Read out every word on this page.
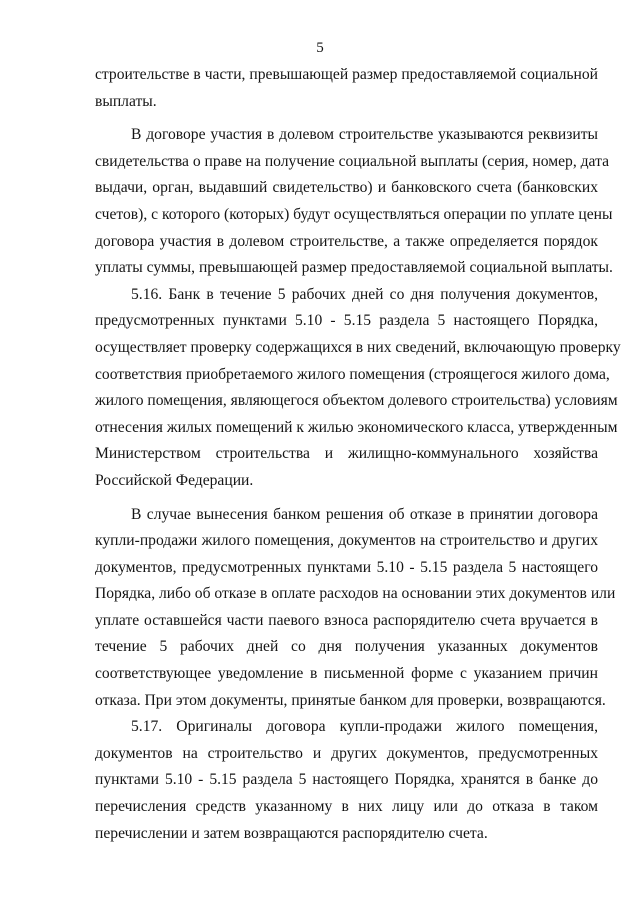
5

строительстве в части, превышающей размер предоставляемой социальной
выплаты.

В договоре участия в долевом строительстве указываются реквизиты
свидетельства о праве на получение социальной выплаты (серия, номер, дата
выдачи, орган, выдавший свидетельство) и банковского счета (банковских
счетов), с которого (которых) будут осуществляться операции по уплате цены
договора участия в долевом строительстве, а также определяется порядок
уплаты суммы, превышающей размер предоставляемой социальной выплаты.

5.16. Банк в течение 5 рабочих дней со дня получения документов,
предусмотренных пунктами 5.10 - 5.15 раздела 5 настоящего Порядка,
осуществляет проверку содержащихся в них сведений, включающую проверку
соответствия приобретаемого жилого помещения (строящегося жилого дома,
жилого помещения, являющегося объектом долевого строительства) условиям
отнесения жилых помещений к жилью экономического класса, утвержденным
Министерством строительства и жилищно-коммунального хозяйства
Российской Федерации.

В случае вынесения банком решения об отказе в принятии договора
купли-продажи жилого помещения, документов на строительство и других
документов, предусмотренных пунктами 5.10 - 5.15 раздела 5 настоящего
Порядка, либо об отказе в оплате расходов на основании этих документов или
уплате оставшейся части паевого взноса распорядителю счета вручается в
течение 5 рабочих дней со дня получения указанных документов
соответствующее уведомление в письменной форме с указанием причин
отказа. При этом документы, принятые банком для проверки, возвращаются.

5.17. Оригиналы договора купли-продажи жилого помещения,
документов на строительство и других документов, предусмотренных
пунктами 5.10 - 5.15 раздела 5 настоящего Порядка, хранятся в банке до
перечисления средств указанному в них лицу или до отказа в таком
перечислении и затем возвращаются распорядителю счета.
